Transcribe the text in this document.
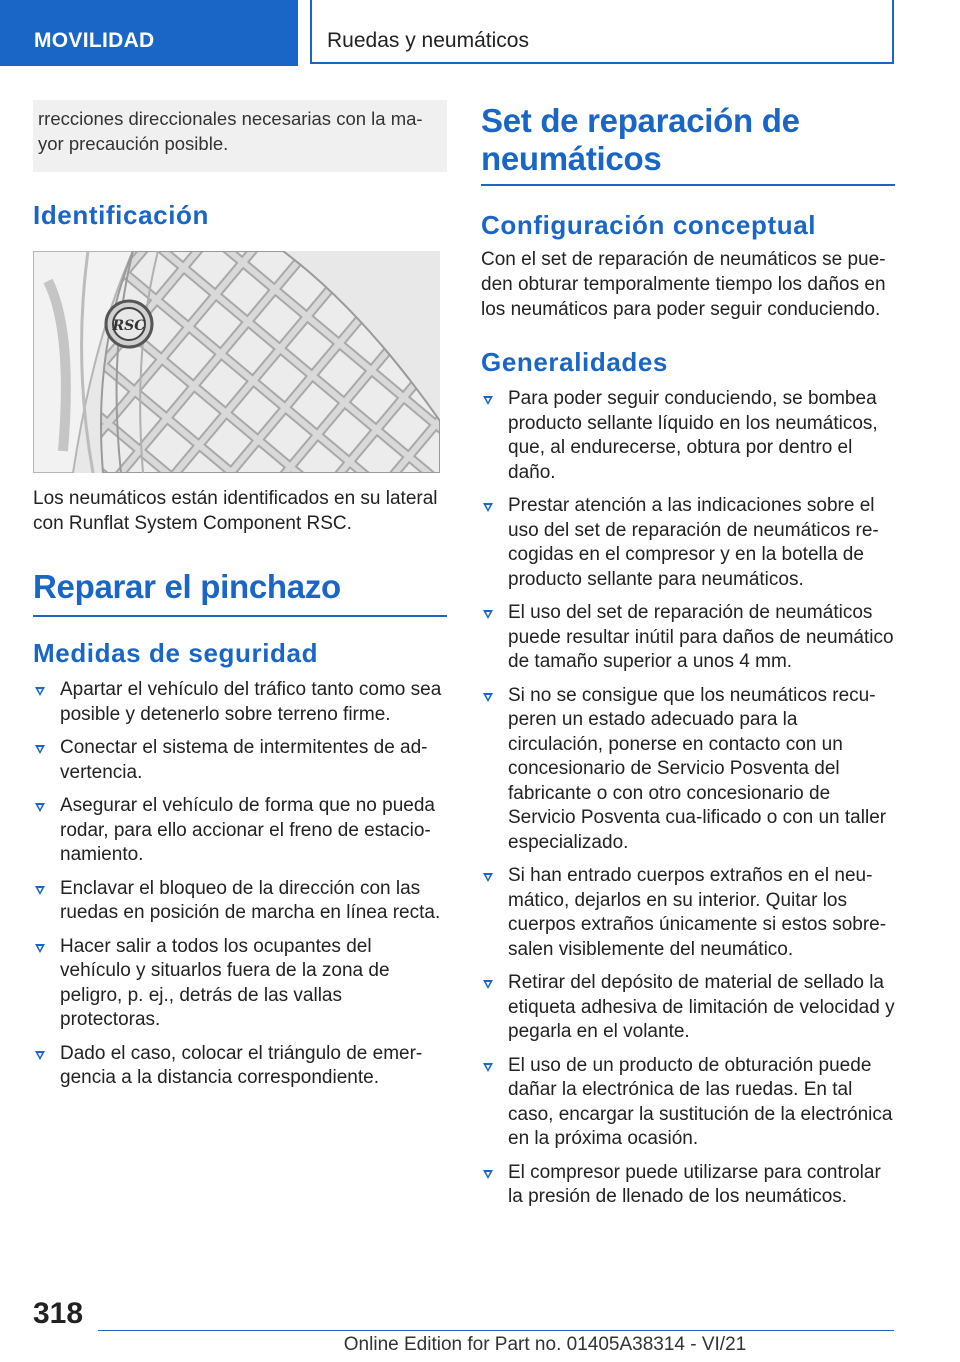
MOVILIDAD	Ruedas y neumáticos
rrecciones direccionales necesarias con la ma-yor precaución posible.
Identificación
RSC

Los neumáticos están identificados en su lateral con Runflat System Component RSC.

Reparar el pinchazo
Medidas de seguridad
Apartar el vehículo del tráfico tanto como sea posible y detenerlo sobre terreno firme.
Conectar el sistema de intermitentes de ad-vertencia.
Asegurar el vehículo de forma que no pueda rodar, para ello accionar el freno de estacio-namiento.
Enclavar el bloqueo de la dirección con las ruedas en posición de marcha en línea recta.
Hacer salir a todos los ocupantes del vehículo y situarlos fuera de la zona de peligro, p. ej., detrás de las vallas protectoras.
Dado el caso, colocar el triángulo de emer-gencia a la distancia correspondiente.
Set de reparación de neumáticos
Configuración conceptual

Con el set de reparación de neumáticos se pue-den obturar temporalmente tiempo los daños en los neumáticos para poder seguir conduciendo.

Generalidades
Para poder seguir conduciendo, se bombea producto sellante líquido en los neumáticos, que, al endurecerse, obtura por dentro el daño.
Prestar atención a las indicaciones sobre el uso del set de reparación de neumáticos re-cogidas en el compresor y en la botella de producto sellante para neumáticos.
El uso del set de reparación de neumáticos puede resultar inútil para daños de neumático de tamaño superior a unos 4 mm.
Si no se consigue que los neumáticos recu-peren un estado adecuado para la circulación, ponerse en contacto con un concesionario de Servicio Posventa del fabricante o con otro concesionario de Servicio Posventa cua-lificado o con un taller especializado.
Si han entrado cuerpos extraños en el neu-mático, dejarlos en su interior. Quitar los cuerpos extraños únicamente si estos sobre-salen visiblemente del neumático.
Retirar del depósito de material de sellado la etiqueta adhesiva de limitación de velocidad y pegarla en el volante.
El uso de un producto de obturación puede dañar la electrónica de las ruedas. En tal caso, encargar la sustitución de la electrónica en la próxima ocasión.
El compresor puede utilizarse para controlar la presión de llenado de los neumáticos.
318
Online Edition for Part no. 01405A38314 - VI/21
